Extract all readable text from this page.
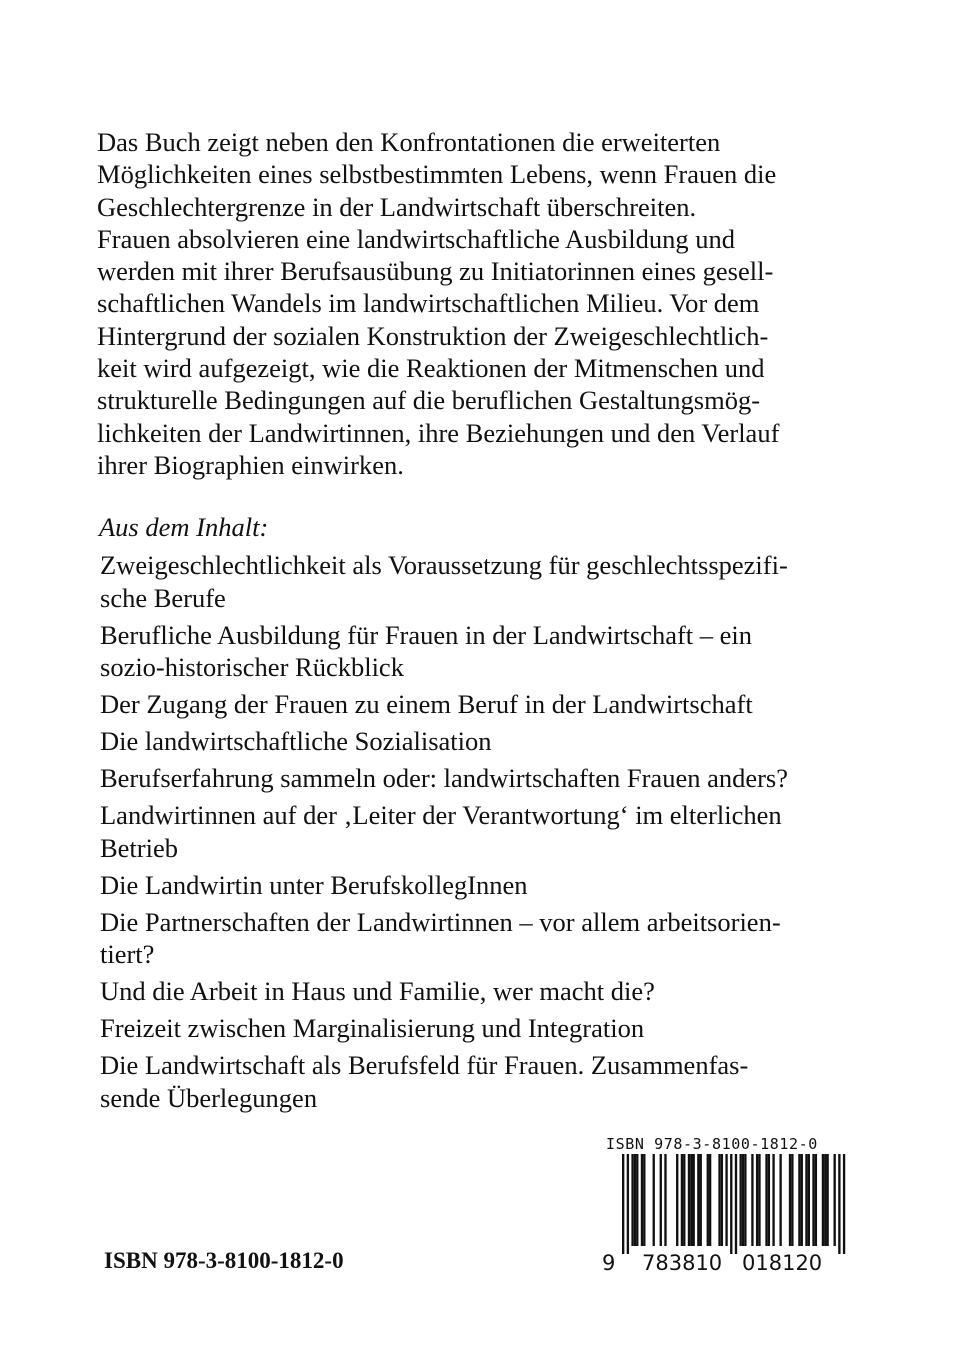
Das Buch zeigt neben den Konfrontationen die erweiterten
Möglichkeiten eines selbstbestimmten Lebens, wenn Frauen die
Geschlechtergrenze in der Landwirtschaft überschreiten.
Frauen absolvieren eine landwirtschaftliche Ausbildung und
werden mit ihrer Berufsausübung zu Initiatorinnen eines gesell-
schaftlichen Wandels im landwirtschaftlichen Milieu. Vor dem
Hintergrund der sozialen Konstruktion der Zweigeschlechtlich-
keit wird aufgezeigt, wie die Reaktionen der Mitmenschen und
strukturelle Bedingungen auf die beruflichen Gestaltungsmög-
lichkeiten der Landwirtinnen, ihre Beziehungen und den Verlauf
ihrer Biographien einwirken.
Aus dem Inhalt:
Zweigeschlechtlichkeit als Voraussetzung für geschlechtsspezifi-
sche Berufe
Berufliche Ausbildung für Frauen in der Landwirtschaft – ein
sozio-historischer Rückblick
Der Zugang der Frauen zu einem Beruf in der Landwirtschaft
Die landwirtschaftliche Sozialisation
Berufserfahrung sammeln oder: landwirtschaften Frauen anders?
Landwirtinnen auf der ‚Leiter der Verantwortung‘ im elterlichen
Betrieb
Die Landwirtin unter BerufskollegInnen
Die Partnerschaften der Landwirtinnen – vor allem arbeitsorien-
tiert?
Und die Arbeit in Haus und Familie, wer macht die?
Freizeit zwischen Marginalisierung und Integration
Die Landwirtschaft als Berufsfeld für Frauen. Zusammenfas-
sende Überlegungen

ISBN 978-3-8100-1812-0

ISBN 978-3-8100-1812-0
9 783810 018120
